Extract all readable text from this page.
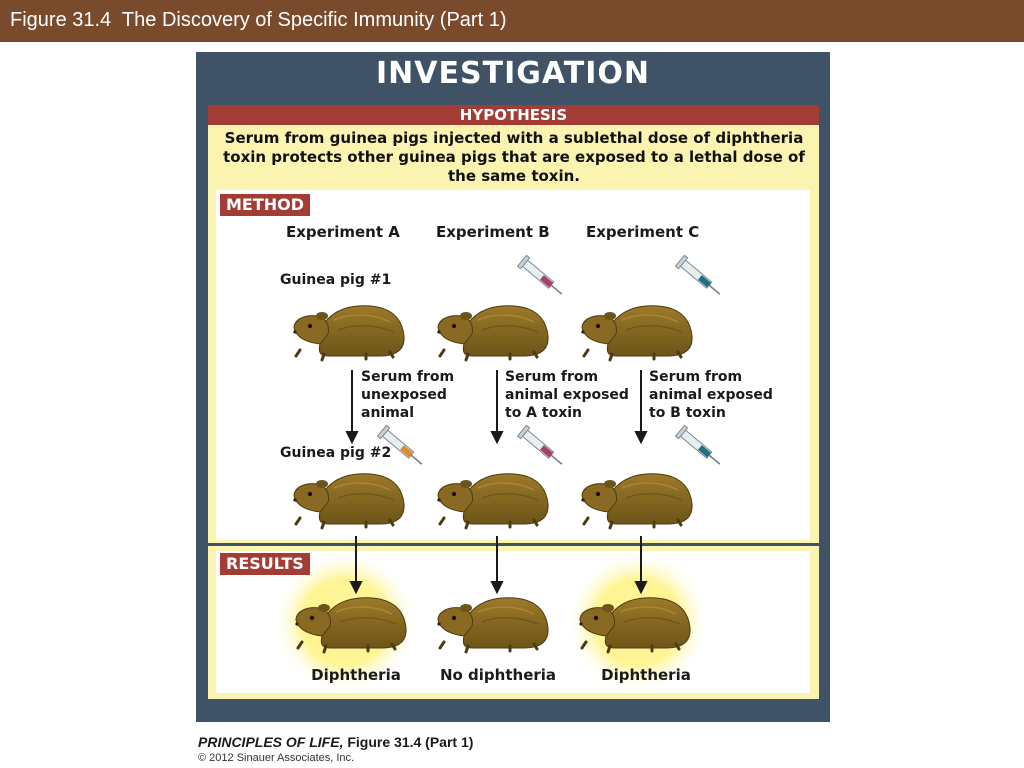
Figure 31.4  The Discovery of Specific Immunity (Part 1)
INVESTIGATION
HYPOTHESIS
Serum from guinea pigs injected with a sublethal dose of diphtheria toxin protects other guinea pigs that are exposed to a lethal dose of the same toxin.
METHOD
Experiment A Experiment B Experiment C
Guinea pig #1
Guinea pig #2
Serum from
unexposed
animal
Serum from
animal exposed
to A toxin
Serum from
animal exposed
to B toxin
RESULTS
Diphtheria	No diphtheria	Diphtheria
PRINCIPLES OF LIFE, Figure 31.4 (Part 1)
© 2012 Sinauer Associates, Inc.
